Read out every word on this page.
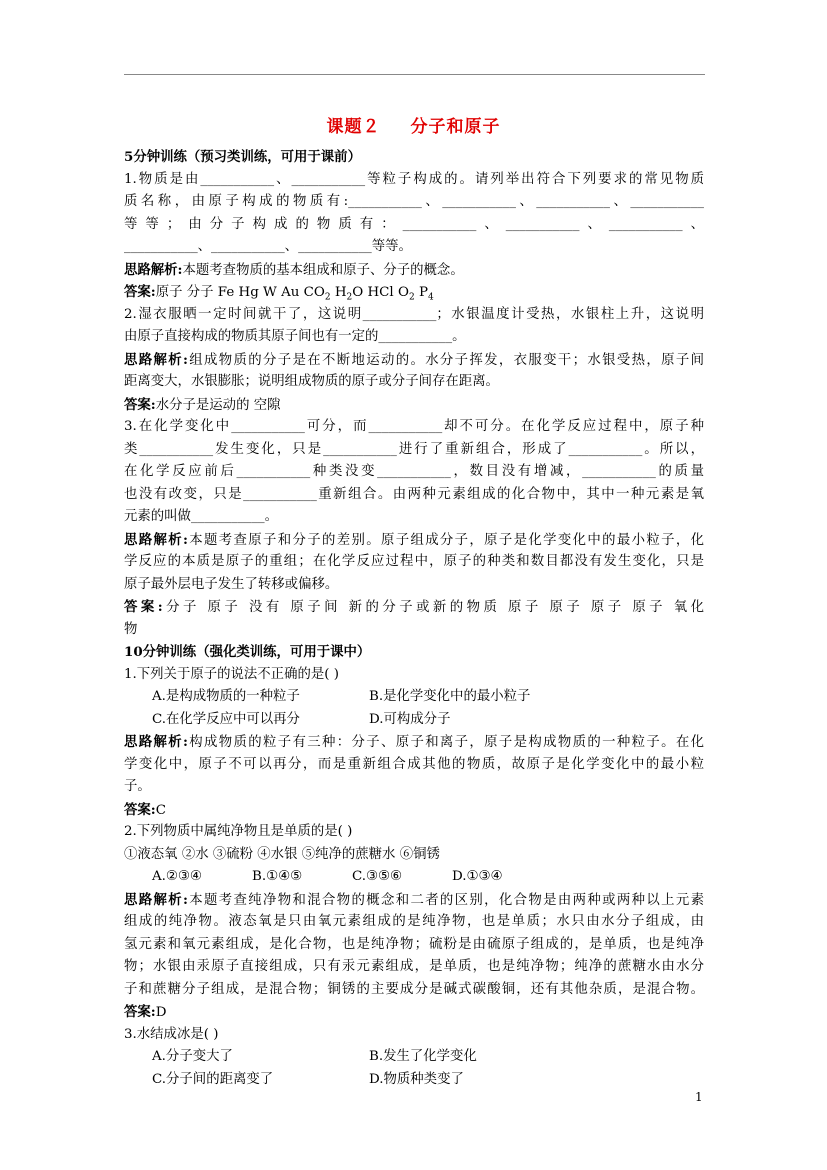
课题２ 分子和原子
5分钟训练（预习类训练，可用于课前）
1.物质是由___________、___________等粒子构成的。请列举出符合下列要求的常见物质
质名称，由原子构成的物质有:___________、___________、___________、___________
等等；由分子构成的物质有：___________、___________、___________、
___________、___________、___________等等。
思路解析:本题考查物质的基本组成和原子、分子的概念。
答案:原子 分子 Fe Hg W Au $CO_2$ $H_2O$ HCl $O_2$ $P_4$
2.湿衣服晒一定时间就干了，这说明___________；水银温度计受热，水银柱上升，这说明
由原子直接构成的物质其原子间也有一定的___________。
思路解析:组成物质的分子是在不断地运动的。水分子挥发，衣服变干；水银受热，原子间
距离变大，水银膨胀；说明组成物质的原子或分子间存在距离。
答案:水分子是运动的 空隙
3.在化学变化中___________可分，而___________却不可分。在化学反应过程中，原子种
类___________发生变化，只是___________进行了重新组合，形成了___________。所以，
在化学反应前后___________种类没变___________，数目没有增减，___________的质量
也没有改变，只是___________重新组合。由两种元素组成的化合物中，其中一种元素是氧
元素的叫做___________。
思路解析:本题考查原子和分子的差别。原子组成分子，原子是化学变化中的最小粒子，化
学反应的本质是原子的重组；在化学反应过程中，原子的种类和数目都没有发生变化，只是
原子最外层电子发生了转移或偏移。
答案:分子 原子 没有 原子间 新的分子或新的物质 原子 原子 原子 原子 氧化
物
10分钟训练（强化类训练，可用于课中）
1.下列关于原子的说法不正确的是( )
A.是构成物质的一种粒子	B.是化学变化中的最小粒子
C.在化学反应中可以再分	D.可构成分子
思路解析:构成物质的粒子有三种：分子、原子和离子，原子是构成物质的一种粒子。在化
学变化中，原子不可以再分，而是重新组合成其他的物质，故原子是化学变化中的最小粒
子。
答案:C
2.下列物质中属纯净物且是单质的是( )
①液态氧 ②水 ③硫粉 ④水银 ⑤纯净的蔗糖水 ⑥铜锈
A.②③④	B.①④⑤	C.③⑤⑥	D.①③④
思路解析:本题考查纯净物和混合物的概念和二者的区别，化合物是由两种或两种以上元素
组成的纯净物。液态氧是只由氧元素组成的是纯净物，也是单质；水只由水分子组成，由
氢元素和氧元素组成，是化合物，也是纯净物；硫粉是由硫原子组成的，是单质，也是纯净
物；水银由汞原子直接组成，只有汞元素组成，是单质，也是纯净物；纯净的蔗糖水由水分
子和蔗糖分子组成，是混合物；铜锈的主要成分是碱式碳酸铜，还有其他杂质，是混合物。
答案:D
3.水结成冰是( )
A.分子变大了	B.发生了化学变化
C.分子间的距离变了	D.物质种类变了
1
